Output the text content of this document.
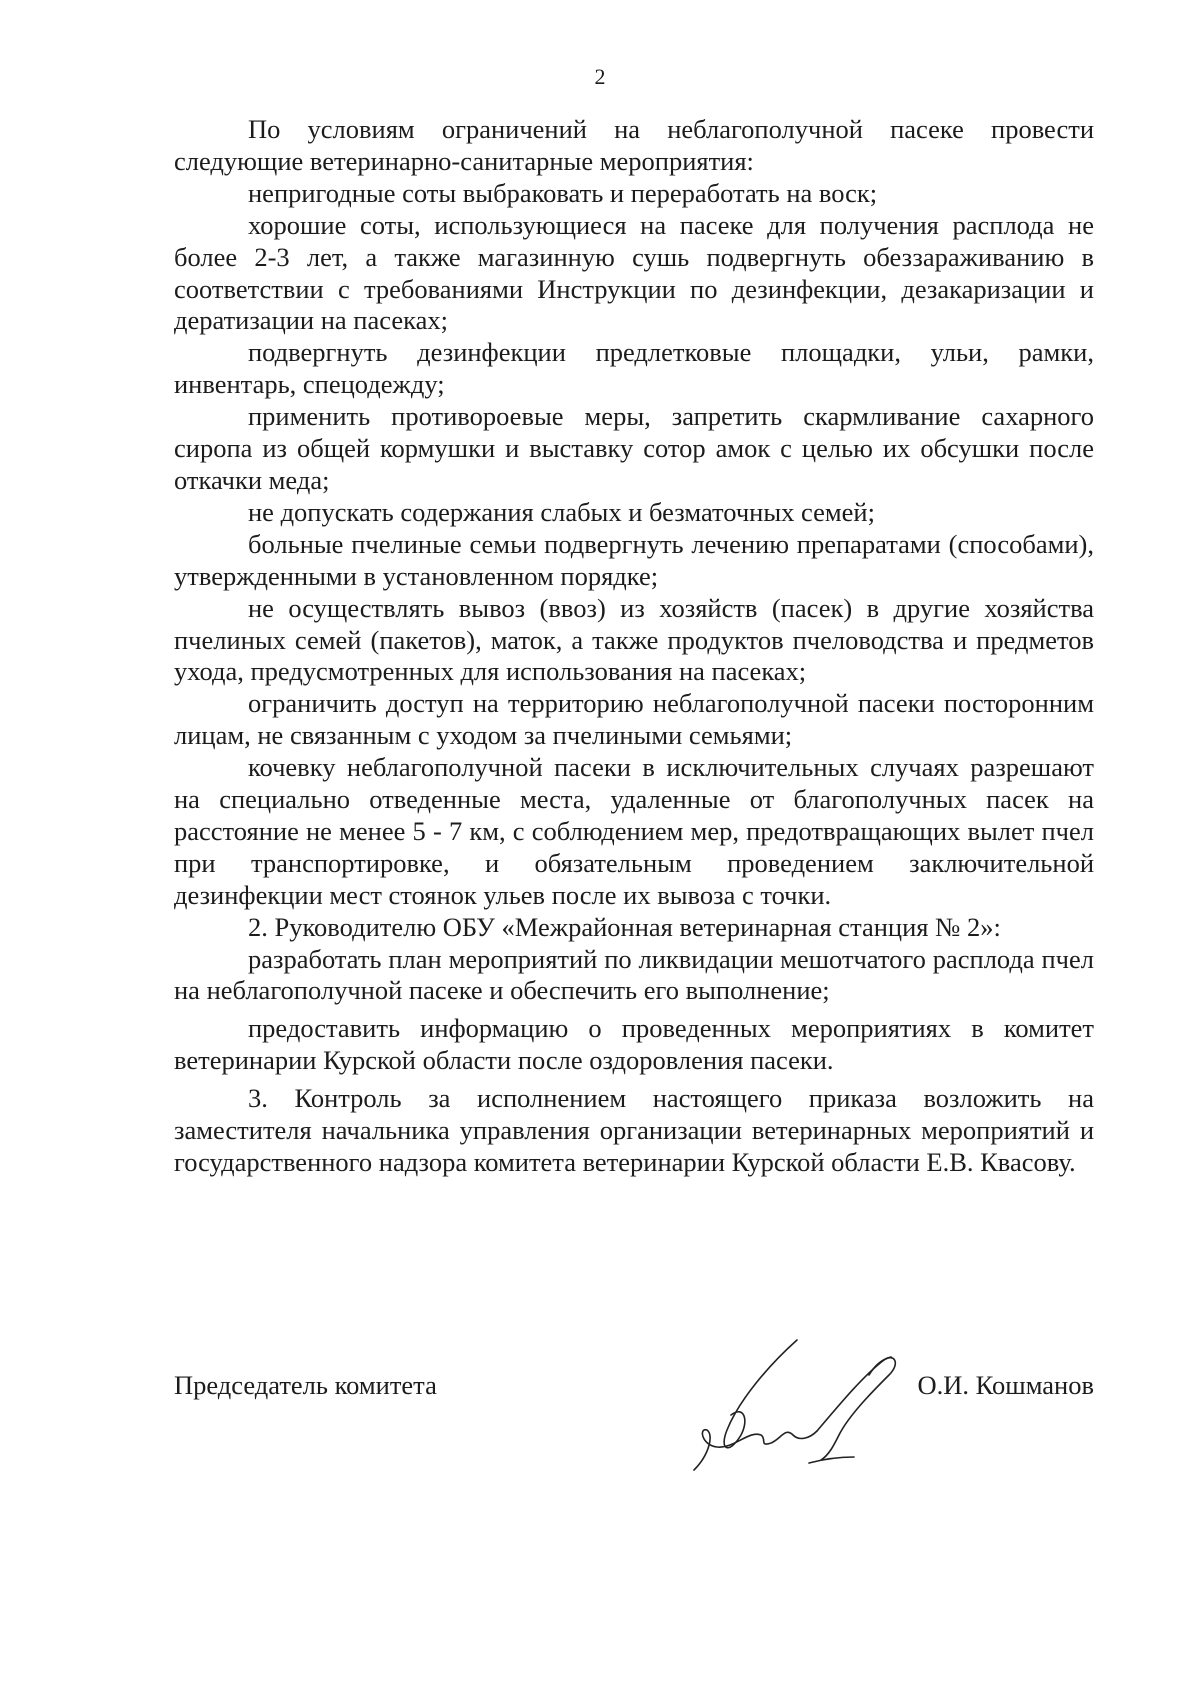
2

По условиям ограничений на неблагополучной пасеке провести следующие ветеринарно-санитарные мероприятия:

непригодные соты выбраковать и переработать на воск;

хорошие соты, использующиеся на пасеке для получения расплода не более 2-3 лет, а также магазинную сушь подвергнуть обеззараживанию в соответствии с требованиями Инструкции по дезинфекции, дезакаризации и дератизации на пасеках;

подвергнуть дезинфекции предлетковые площадки, ульи, рамки, инвентарь, спецодежду;

применить противороевые меры, запретить скармливание сахарного сиропа из общей кормушки и выставку сотор амок с целью их обсушки после откачки меда;

не допускать содержания слабых и безматочных семей;

больные пчелиные семьи подвергнуть лечению препаратами (способами), утвержденными в установленном порядке;

не осуществлять вывоз (ввоз) из хозяйств (пасек) в другие хозяйства пчелиных семей (пакетов), маток, а также продуктов пчеловодства и предметов ухода, предусмотренных для использования на пасеках;

ограничить доступ на территорию неблагополучной пасеки посторонним лицам, не связанным с уходом за пчелиными семьями;

кочевку неблагополучной пасеки в исключительных случаях разрешают на специально отведенные места, удаленные от благополучных пасек на расстояние не менее 5 - 7 км, с соблюдением мер, предотвращающих вылет пчел при транспортировке, и обязательным проведением заключительной дезинфекции мест стоянок ульев после их вывоза с точки.

2. Руководителю ОБУ «Межрайонная ветеринарная станция № 2»:

разработать план мероприятий по ликвидации мешотчатого расплода пчел на неблагополучной пасеке и обеспечить его выполнение;

предоставить информацию о проведенных мероприятиях в комитет ветеринарии Курской области после оздоровления пасеки.

3. Контроль за исполнением настоящего приказа возложить на заместителя начальника управления организации ветеринарных мероприятий и государственного надзора комитета ветеринарии Курской области Е.В. Квасову.

Председатель комитета	О.И. Кошманов
